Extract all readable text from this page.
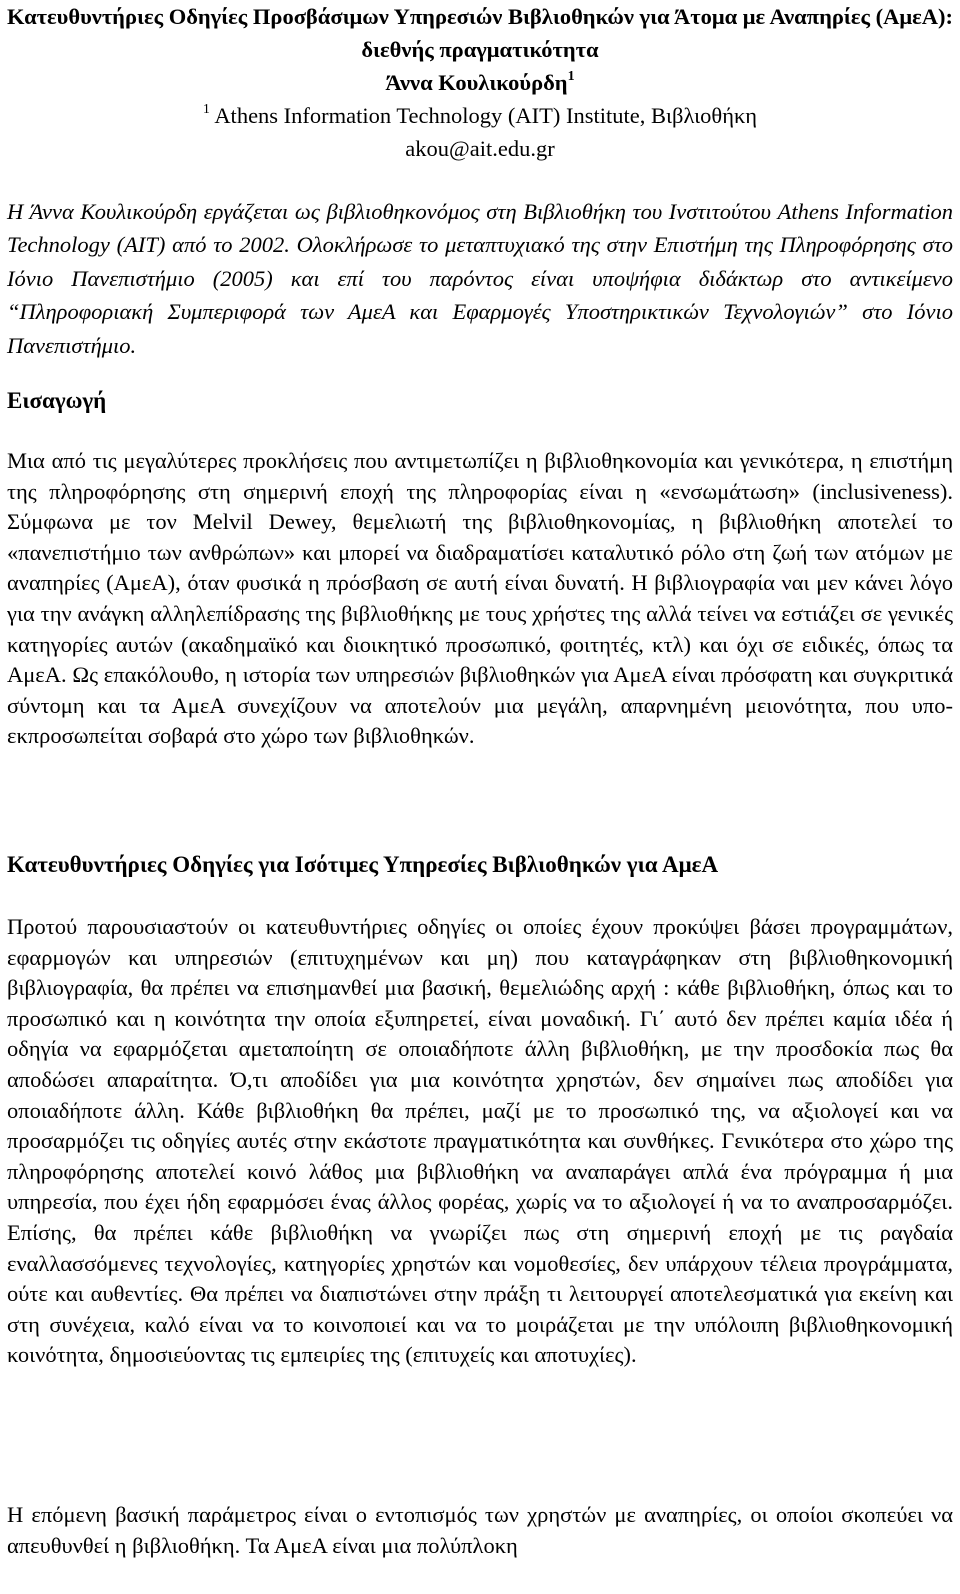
Κατευθυντήριες Οδηγίες Προσβάσιμων Υπηρεσιών Βιβλιοθηκών για Άτομα με Αναπηρίες (ΑμεΑ): διεθνής πραγματικότητα
Άννα Κουλικούρδη$^1$
$^1$ Athens Information Technology (AIT) Institute, Βιβλιοθήκη
akou@ait.edu.gr
Η Άννα Κουλικούρδη εργάζεται ως βιβλιοθηκονόμος στη Βιβλιοθήκη του Ινστιτούτου Athens Information Technology (AIT) από το 2002. Ολοκλήρωσε το μεταπτυχιακό της στην Επιστήμη της Πληροφόρησης στο Ιόνιο Πανεπιστήμιο (2005) και επί του παρόντος είναι υποψήφια διδάκτωρ στο αντικείμενο “Πληροφοριακή Συμπεριφορά των ΑμεΑ και Εφαρμογές Υποστηρικτικών Τεχνολογιών” στο Ιόνιο Πανεπιστήμιο.
Εισαγωγή
Μια από τις μεγαλύτερες προκλήσεις που αντιμετωπίζει η βιβλιοθηκονομία και γενικότερα, η επιστήμη της πληροφόρησης στη σημερινή εποχή της πληροφορίας είναι η «ενσωμάτωση» (inclusiveness). Σύμφωνα με τον Melvil Dewey, θεμελιωτή της βιβλιοθηκονομίας, η βιβλιοθήκη αποτελεί το «πανεπιστήμιο των ανθρώπων» και μπορεί να διαδραματίσει καταλυτικό ρόλο στη ζωή των ατόμων με αναπηρίες (ΑμεΑ), όταν φυσικά η πρόσβαση σε αυτή είναι δυνατή. Η βιβλιογραφία ναι μεν κάνει λόγο για την ανάγκη αλληλεπίδρασης της βιβλιοθήκης με τους χρήστες της αλλά τείνει να εστιάζει σε γενικές κατηγορίες αυτών (ακαδημαϊκό και διοικητικό προσωπικό, φοιτητές, κτλ) και όχι σε ειδικές, όπως τα ΑμεΑ. Ως επακόλουθο, η ιστορία των υπηρεσιών βιβλιοθηκών για ΑμεΑ είναι πρόσφατη και συγκριτικά σύντομη και τα ΑμεΑ συνεχίζουν να αποτελούν μια μεγάλη, απαρνημένη μειονότητα, που υπο-εκπροσωπείται σοβαρά στο χώρο των βιβλιοθηκών.
Κατευθυντήριες Οδηγίες για Ισότιμες Υπηρεσίες Βιβλιοθηκών για ΑμεΑ
Προτού παρουσιαστούν οι κατευθυντήριες οδηγίες οι οποίες έχουν προκύψει βάσει προγραμμάτων, εφαρμογών και υπηρεσιών (επιτυχημένων και μη) που καταγράφηκαν στη βιβλιοθηκονομική βιβλιογραφία, θα πρέπει να επισημανθεί μια βασική, θεμελιώδης αρχή : κάθε βιβλιοθήκη, όπως και το προσωπικό και η κοινότητα την οποία εξυπηρετεί, είναι μοναδική. Γι΄ αυτό δεν πρέπει καμία ιδέα ή οδηγία να εφαρμόζεται αμεταποίητη σε οποιαδήποτε άλλη βιβλιοθήκη, με την προσδοκία πως θα αποδώσει απαραίτητα. Ό,τι αποδίδει για μια κοινότητα χρηστών, δεν σημαίνει πως αποδίδει για οποιαδήποτε άλλη. Κάθε βιβλιοθήκη θα πρέπει, μαζί με το προσωπικό της, να αξιολογεί και να προσαρμόζει τις οδηγίες αυτές στην εκάστοτε πραγματικότητα και συνθήκες. Γενικότερα στο χώρο της πληροφόρησης αποτελεί κοινό λάθος μια βιβλιοθήκη να αναπαράγει απλά ένα πρόγραμμα ή μια υπηρεσία, που έχει ήδη εφαρμόσει ένας άλλος φορέας, χωρίς να το αξιολογεί ή να το αναπροσαρμόζει. Επίσης, θα πρέπει κάθε βιβλιοθήκη να γνωρίζει πως στη σημερινή εποχή με τις ραγδαία εναλλασσόμενες τεχνολογίες, κατηγορίες χρηστών και νομοθεσίες, δεν υπάρχουν τέλεια προγράμματα, ούτε και αυθεντίες. Θα πρέπει να διαπιστώνει στην πράξη τι λειτουργεί αποτελεσματικά για εκείνη και στη συνέχεια, καλό είναι να το κοινοποιεί και να το μοιράζεται με την υπόλοιπη βιβλιοθηκονομική κοινότητα, δημοσιεύοντας τις εμπειρίες της (επιτυχείς και αποτυχίες).
Η επόμενη βασική παράμετρος είναι ο εντοπισμός των χρηστών με αναπηρίες, οι οποίοι σκοπεύει να απευθυνθεί η βιβλιοθήκη. Τα ΑμεΑ είναι μια πολύπλοκη
